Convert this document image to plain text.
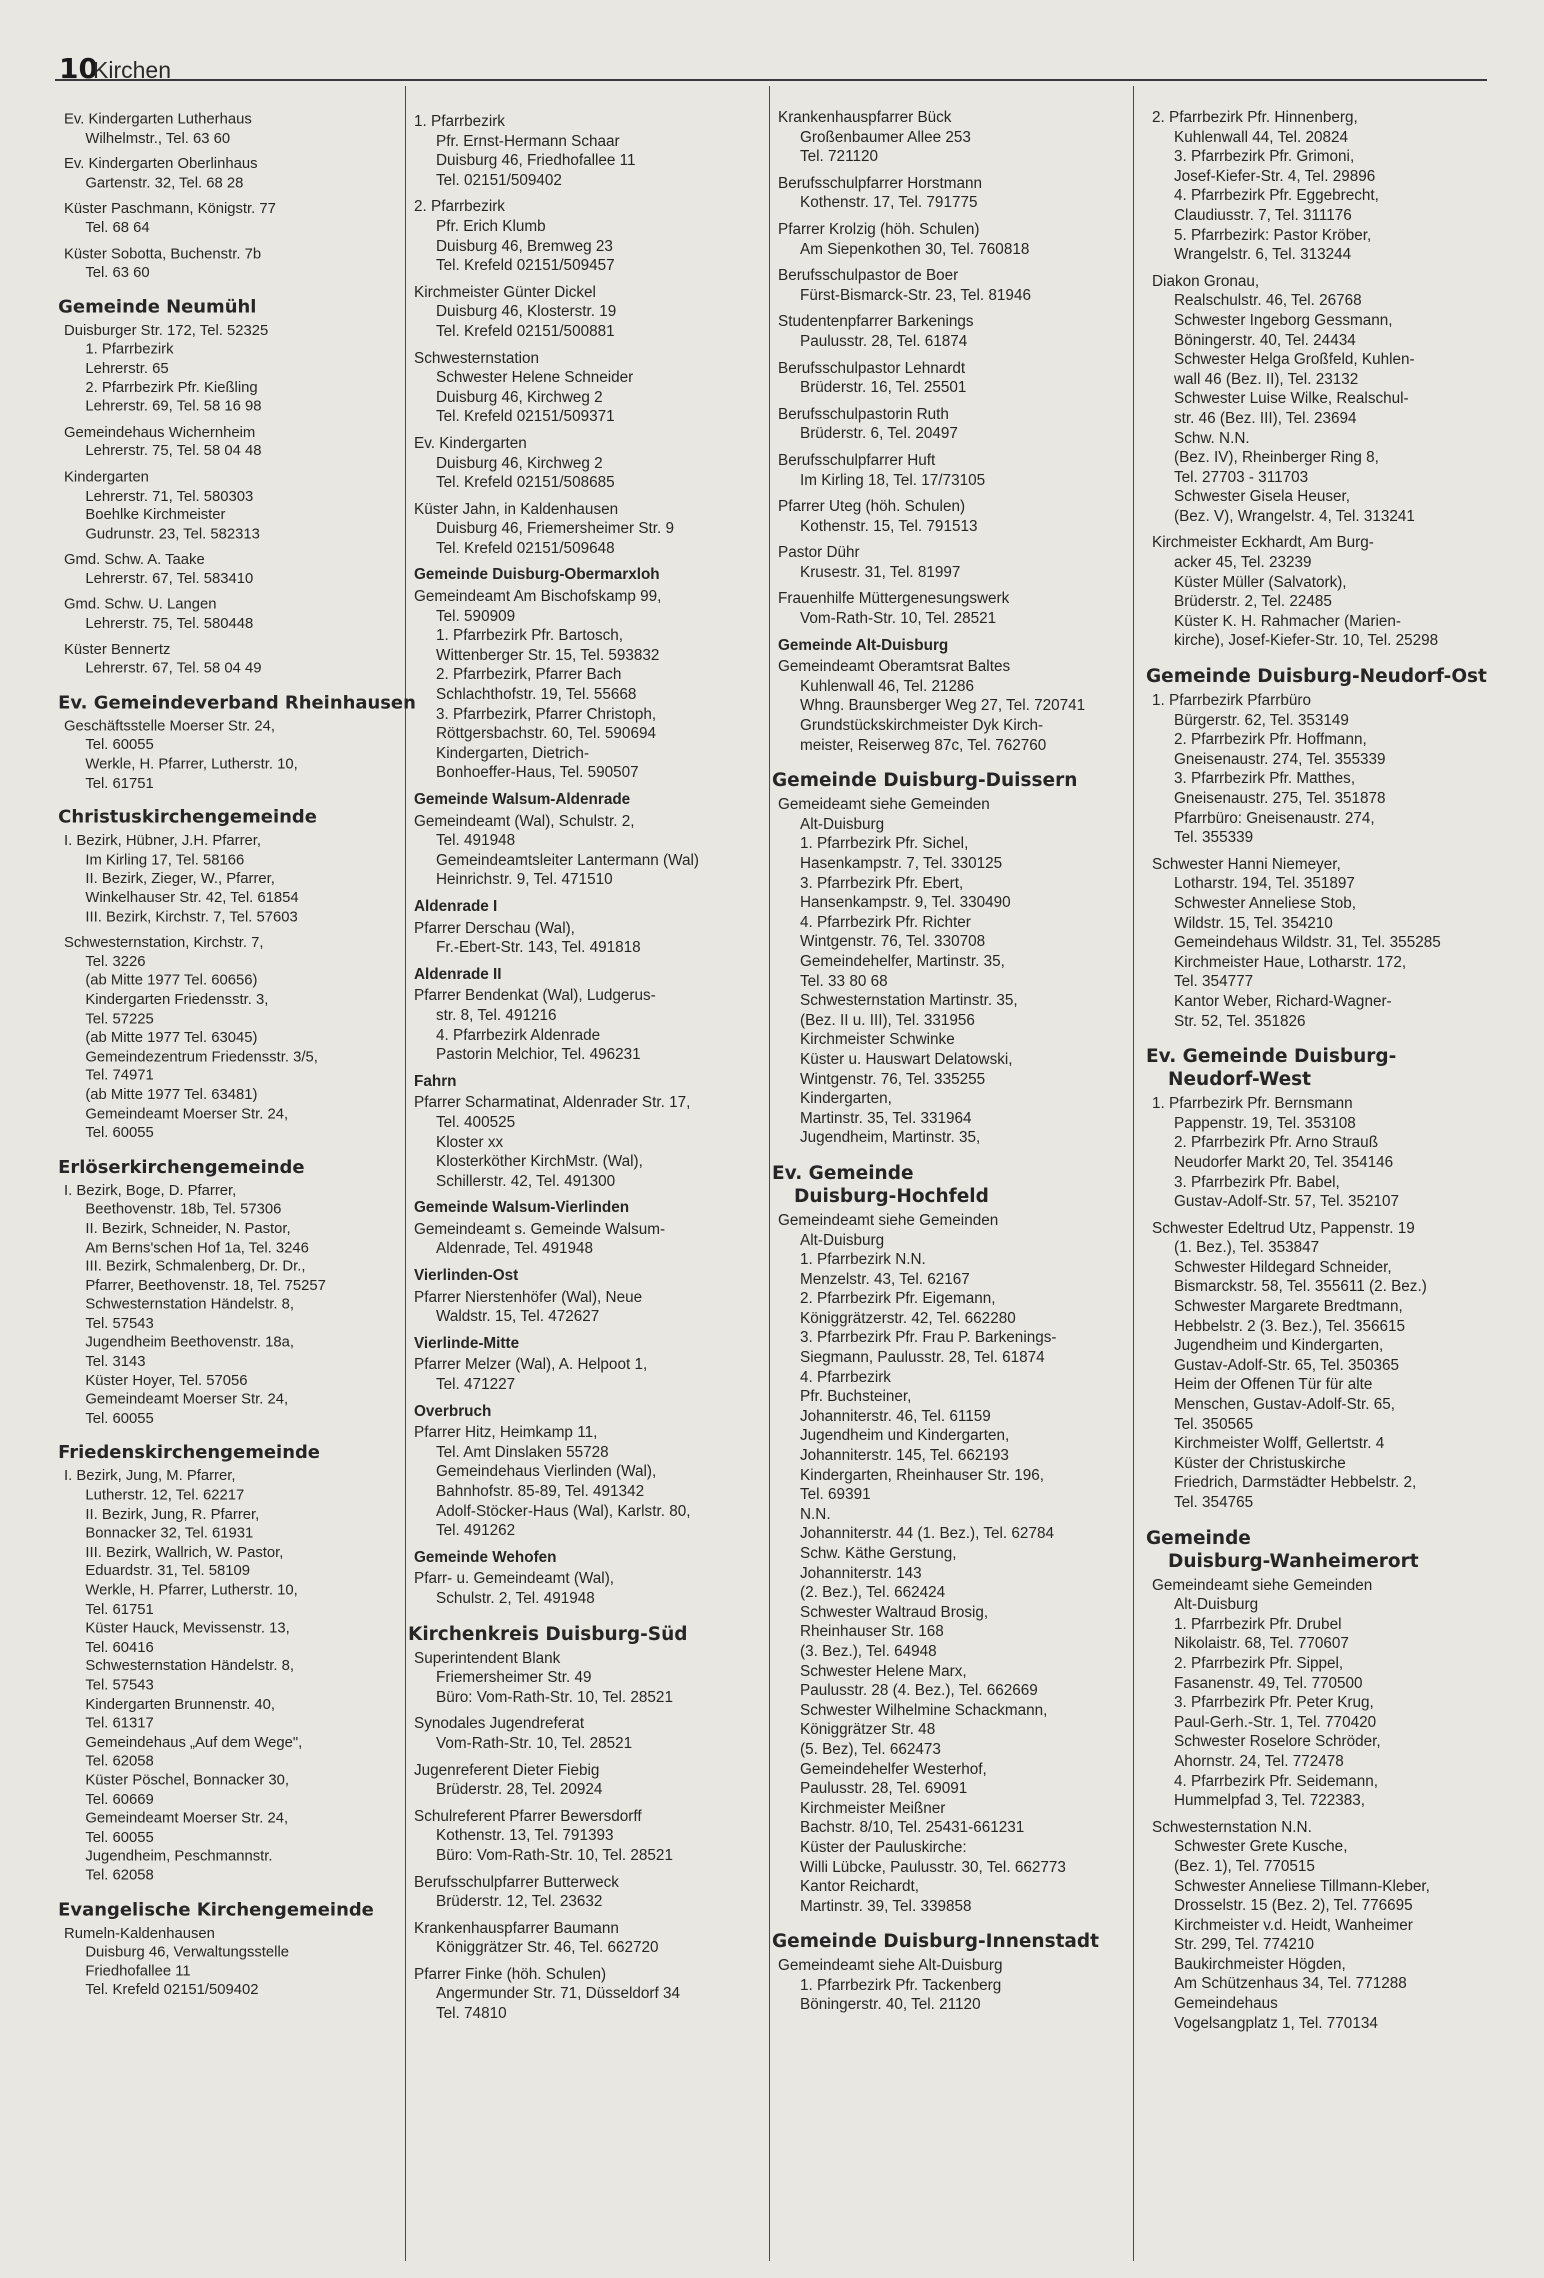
10
Kirchen
Ev. Kindergarten Lutherhaus
Wilhelmstr., Tel. 63 60
Ev. Kindergarten Oberlinhaus
Gartenstr. 32, Tel. 68 28
Küster Paschmann, Königstr. 77
Tel. 68 64
Küster Sobotta, Buchenstr. 7b
Tel. 63 60
Gemeinde Neumühl
Duisburger Str. 172, Tel. 52325
1. Pfarrbezirk
Lehrerstr. 65
2. Pfarrbezirk Pfr. Kießling
Lehrerstr. 69, Tel. 58 16 98
Gemeindehaus Wichernheim
Lehrerstr. 75, Tel. 58 04 48
Kindergarten
Lehrerstr. 71, Tel. 580303
Boehlke Kirchmeister
Gudrunstr. 23, Tel. 582313
Gmd. Schw. A. Taake
Lehrerstr. 67, Tel. 583410
Gmd. Schw. U. Langen
Lehrerstr. 75, Tel. 580448
Küster Bennertz
Lehrerstr. 67, Tel. 58 04 49
Ev. Gemeindeverband Rheinhausen
Geschäftsstelle Moerser Str. 24,
Tel. 60055
Werkle, H. Pfarrer, Lutherstr. 10,
Tel. 61751
Christuskirchengemeinde
I. Bezirk, Hübner, J.H. Pfarrer,
Im Kirling 17, Tel. 58166
II. Bezirk, Zieger, W., Pfarrer,
Winkelhauser Str. 42, Tel. 61854
III. Bezirk, Kirchstr. 7, Tel. 57603
Schwesternstation, Kirchstr. 7,
Tel. 3226
(ab Mitte 1977 Tel. 60656)
Kindergarten Friedensstr. 3,
Tel. 57225
(ab Mitte 1977 Tel. 63045)
Gemeindezentrum Friedensstr. 3/5,
Tel. 74971
(ab Mitte 1977 Tel. 63481)
Gemeindeamt Moerser Str. 24,
Tel. 60055
Erlöserkirchengemeinde
I. Bezirk, Boge, D. Pfarrer,
Beethovenstr. 18b, Tel. 57306
II. Bezirk, Schneider, N. Pastor,
Am Berns'schen Hof 1a, Tel. 3246
III. Bezirk, Schmalenberg, Dr. Dr.,
Pfarrer, Beethovenstr. 18, Tel. 75257
Schwesternstation Händelstr. 8,
Tel. 57543
Jugendheim Beethovenstr. 18a,
Tel. 3143
Küster Hoyer, Tel. 57056
Gemeindeamt Moerser Str. 24,
Tel. 60055
Friedenskirchengemeinde
I. Bezirk, Jung, M. Pfarrer,
Lutherstr. 12, Tel. 62217
II. Bezirk, Jung, R. Pfarrer,
Bonnacker 32, Tel. 61931
III. Bezirk, Wallrich, W. Pastor,
Eduardstr. 31, Tel. 58109
Werkle, H. Pfarrer, Lutherstr. 10,
Tel. 61751
Küster Hauck, Mevissenstr. 13,
Tel. 60416
Schwesternstation Händelstr. 8,
Tel. 57543
Kindergarten Brunnenstr. 40,
Tel. 61317
Gemeindehaus „Auf dem Wege",
Tel. 62058
Küster Pöschel, Bonnacker 30,
Tel. 60669
Gemeindeamt Moerser Str. 24,
Tel. 60055
Jugendheim, Peschmannstr.
Tel. 62058
Evangelische Kirchengemeinde
Rumeln-Kaldenhausen
Duisburg 46, Verwaltungsstelle
Friedhofallee 11
Tel. Krefeld 02151/509402
1. Pfarrbezirk
Pfr. Ernst-Hermann Schaar
Duisburg 46, Friedhofallee 11
Tel. 02151/509402
2. Pfarrbezirk
Pfr. Erich Klumb
Duisburg 46, Bremweg 23
Tel. Krefeld 02151/509457
Kirchmeister Günter Dickel
Duisburg 46, Klosterstr. 19
Tel. Krefeld 02151/500881
Schwesternstation
Schwester Helene Schneider
Duisburg 46, Kirchweg 2
Tel. Krefeld 02151/509371
Ev. Kindergarten
Duisburg 46, Kirchweg 2
Tel. Krefeld 02151/508685
Küster Jahn, in Kaldenhausen
Duisburg 46, Friemersheimer Str. 9
Tel. Krefeld 02151/509648
Gemeinde Duisburg-Obermarxloh
Gemeindeamt Am Bischofskamp 99,
Tel. 590909
1. Pfarrbezirk Pfr. Bartosch,
Wittenberger Str. 15, Tel. 593832
2. Pfarrbezirk, Pfarrer Bach
Schlachthofstr. 19, Tel. 55668
3. Pfarrbezirk, Pfarrer Christoph,
Röttgersbachstr. 60, Tel. 590694
Kindergarten, Dietrich-
Bonhoeffer-Haus, Tel. 590507
Gemeinde Walsum-Aldenrade
Gemeindeamt (Wal), Schulstr. 2,
Tel. 491948
Gemeindeamtsleiter Lantermann (Wal)
Heinrichstr. 9, Tel. 471510
Aldenrade I
Pfarrer Derschau (Wal),
Fr.-Ebert-Str. 143, Tel. 491818
Aldenrade II
Pfarrer Bendenkat (Wal), Ludgerus-
str. 8, Tel. 491216
4. Pfarrbezirk Aldenrade
Pastorin Melchior, Tel. 496231
Fahrn
Pfarrer Scharmatinat, Aldenrader Str. 17,
Tel. 400525
Kloster xx
Klosterköther KirchMstr. (Wal),
Schillerstr. 42, Tel. 491300
Gemeinde Walsum-Vierlinden
Gemeindeamt s. Gemeinde Walsum-
Aldenrade, Tel. 491948
Vierlinden-Ost
Pfarrer Nierstenhöfer (Wal), Neue
Waldstr. 15, Tel. 472627
Vierlinde-Mitte
Pfarrer Melzer (Wal), A. Helpoot 1,
Tel. 471227
Overbruch
Pfarrer Hitz, Heimkamp 11,
Tel. Amt Dinslaken 55728
Gemeindehaus Vierlinden (Wal),
Bahnhofstr. 85-89, Tel. 491342
Adolf-Stöcker-Haus (Wal), Karlstr. 80,
Tel. 491262
Gemeinde Wehofen
Pfarr- u. Gemeindeamt (Wal),
Schulstr. 2, Tel. 491948
Kirchenkreis Duisburg-Süd
Superintendent Blank
Friemersheimer Str. 49
Büro: Vom-Rath-Str. 10, Tel. 28521
Synodales Jugendreferat
Vom-Rath-Str. 10, Tel. 28521
Jugenreferent Dieter Fiebig
Brüderstr. 28, Tel. 20924
Schulreferent Pfarrer Bewersdorff
Kothenstr. 13, Tel. 791393
Büro: Vom-Rath-Str. 10, Tel. 28521
Berufsschulpfarrer Butterweck
Brüderstr. 12, Tel. 23632
Krankenhauspfarrer Baumann
Königgrätzer Str. 46, Tel. 662720
Pfarrer Finke (höh. Schulen)
Angermunder Str. 71, Düsseldorf 34
Tel. 74810
Krankenhauspfarrer Bück
Großenbaumer Allee 253
Tel. 721120
Berufsschulpfarrer Horstmann
Kothenstr. 17, Tel. 791775
Pfarrer Krolzig (höh. Schulen)
Am Siepenkothen 30, Tel. 760818
Berufsschulpastor de Boer
Fürst-Bismarck-Str. 23, Tel. 81946
Studentenpfarrer Barkenings
Paulusstr. 28, Tel. 61874
Berufsschulpastor Lehnardt
Brüderstr. 16, Tel. 25501
Berufsschulpastorin Ruth
Brüderstr. 6, Tel. 20497
Berufsschulpfarrer Huft
Im Kirling 18, Tel. 17/73105
Pfarrer Uteg (höh. Schulen)
Kothenstr. 15, Tel. 791513
Pastor Dühr
Krusestr. 31, Tel. 81997
Frauenhilfe Müttergenesungswerk
Vom-Rath-Str. 10, Tel. 28521
Gemeinde Alt-Duisburg
Gemeindeamt Oberamtsrat Baltes
Kuhlenwall 46, Tel. 21286
Whng. Braunsberger Weg 27, Tel. 720741
Grundstückskirchmeister Dyk Kirch-
meister, Reiserweg 87c, Tel. 762760
Gemeinde Duisburg-Duissern
Gemeideamt siehe Gemeinden
Alt-Duisburg
1. Pfarrbezirk Pfr. Sichel,
Hasenkampstr. 7, Tel. 330125
3. Pfarrbezirk Pfr. Ebert,
Hansenkampstr. 9, Tel. 330490
4. Pfarrbezirk Pfr. Richter
Wintgenstr. 76, Tel. 330708
Gemeindehelfer, Martinstr. 35,
Tel. 33 80 68
Schwesternstation Martinstr. 35,
(Bez. II u. III), Tel. 331956
Kirchmeister Schwinke
Küster u. Hauswart Delatowski,
Wintgenstr. 76, Tel. 335255
Kindergarten,
Martinstr. 35, Tel. 331964
Jugendheim, Martinstr. 35,
Ev. Gemeinde
Duisburg-Hochfeld
Gemeindeamt siehe Gemeinden
Alt-Duisburg
1. Pfarrbezirk N.N.
Menzelstr. 43, Tel. 62167
2. Pfarrbezirk Pfr. Eigemann,
Königgrätzerstr. 42, Tel. 662280
3. Pfarrbezirk Pfr. Frau P. Barkenings-
Siegmann, Paulusstr. 28, Tel. 61874
4. Pfarrbezirk
Pfr. Buchsteiner,
Johanniterstr. 46, Tel. 61159
Jugendheim und Kindergarten,
Johanniterstr. 145, Tel. 662193
Kindergarten, Rheinhauser Str. 196,
Tel. 69391
N.N.
Johanniterstr. 44 (1. Bez.), Tel. 62784
Schw. Käthe Gerstung,
Johanniterstr. 143
(2. Bez.), Tel. 662424
Schwester Waltraud Brosig,
Rheinhauser Str. 168
(3. Bez.), Tel. 64948
Schwester Helene Marx,
Paulusstr. 28 (4. Bez.), Tel. 662669
Schwester Wilhelmine Schackmann,
Königgrätzer Str. 48
(5. Bez), Tel. 662473
Gemeindehelfer Westerhof,
Paulusstr. 28, Tel. 69091
Kirchmeister Meißner
Bachstr. 8/10, Tel. 25431-661231
Küster der Pauluskirche:
Willi Lübcke, Paulusstr. 30, Tel. 662773
Kantor Reichardt,
Martinstr. 39, Tel. 339858
Gemeinde Duisburg-Innenstadt
Gemeindeamt siehe Alt-Duisburg
1. Pfarrbezirk Pfr. Tackenberg
Böningerstr. 40, Tel. 21120
2. Pfarrbezirk Pfr. Hinnenberg,
Kuhlenwall 44, Tel. 20824
3. Pfarrbezirk Pfr. Grimoni,
Josef-Kiefer-Str. 4, Tel. 29896
4. Pfarrbezirk Pfr. Eggebrecht,
Claudiusstr. 7, Tel. 311176
5. Pfarrbezirk: Pastor Kröber,
Wrangelstr. 6, Tel. 313244
Diakon Gronau,
Realschulstr. 46, Tel. 26768
Schwester Ingeborg Gessmann,
Böningerstr. 40, Tel. 24434
Schwester Helga Großfeld, Kuhlen-
wall 46 (Bez. II), Tel. 23132
Schwester Luise Wilke, Realschul-
str. 46 (Bez. III), Tel. 23694
Schw. N.N.
(Bez. IV), Rheinberger Ring 8,
Tel. 27703 - 311703
Schwester Gisela Heuser,
(Bez. V), Wrangelstr. 4, Tel. 313241
Kirchmeister Eckhardt, Am Burg-
acker 45, Tel. 23239
Küster Müller (Salvatork),
Brüderstr. 2, Tel. 22485
Küster K. H. Rahmacher (Marien-
kirche), Josef-Kiefer-Str. 10, Tel. 25298
Gemeinde Duisburg-Neudorf-Ost
1. Pfarrbezirk Pfarrbüro
Bürgerstr. 62, Tel. 353149
2. Pfarrbezirk Pfr. Hoffmann,
Gneisenaustr. 274, Tel. 355339
3. Pfarrbezirk Pfr. Matthes,
Gneisenaustr. 275, Tel. 351878
Pfarrbüro: Gneisenaustr. 274,
Tel. 355339
Schwester Hanni Niemeyer,
Lotharstr. 194, Tel. 351897
Schwester Anneliese Stob,
Wildstr. 15, Tel. 354210
Gemeindehaus Wildstr. 31, Tel. 355285
Kirchmeister Haue, Lotharstr. 172,
Tel. 354777
Kantor Weber, Richard-Wagner-
Str. 52, Tel. 351826
Ev. Gemeinde Duisburg-
Neudorf-West
1. Pfarrbezirk Pfr. Bernsmann
Pappenstr. 19, Tel. 353108
2. Pfarrbezirk Pfr. Arno Strauß
Neudorfer Markt 20, Tel. 354146
3. Pfarrbezirk Pfr. Babel,
Gustav-Adolf-Str. 57, Tel. 352107
Schwester Edeltrud Utz, Pappenstr. 19
(1. Bez.), Tel. 353847
Schwester Hildegard Schneider,
Bismarckstr. 58, Tel. 355611 (2. Bez.)
Schwester Margarete Bredtmann,
Hebbelstr. 2 (3. Bez.), Tel. 356615
Jugendheim und Kindergarten,
Gustav-Adolf-Str. 65, Tel. 350365
Heim der Offenen Tür für alte
Menschen, Gustav-Adolf-Str. 65,
Tel. 350565
Kirchmeister Wolff, Gellertstr. 4
Küster der Christuskirche
Friedrich, Darmstädter Hebbelstr. 2,
Tel. 354765
Gemeinde
Duisburg-Wanheimerort
Gemeindeamt siehe Gemeinden
Alt-Duisburg
1. Pfarrbezirk Pfr. Drubel
Nikolaistr. 68, Tel. 770607
2. Pfarrbezirk Pfr. Sippel,
Fasanenstr. 49, Tel. 770500
3. Pfarrbezirk Pfr. Peter Krug,
Paul-Gerh.-Str. 1, Tel. 770420
Schwester Roselore Schröder,
Ahornstr. 24, Tel. 772478
4. Pfarrbezirk Pfr. Seidemann,
Hummelpfad 3, Tel. 722383,
Schwesternstation N.N.
Schwester Grete Kusche,
(Bez. 1), Tel. 770515
Schwester Anneliese Tillmann-Kleber,
Drosselstr. 15 (Bez. 2), Tel. 776695
Kirchmeister v.d. Heidt, Wanheimer
Str. 299, Tel. 774210
Baukirchmeister Högden,
Am Schützenhaus 34, Tel. 771288
Gemeindehaus
Vogelsangplatz 1, Tel. 770134
